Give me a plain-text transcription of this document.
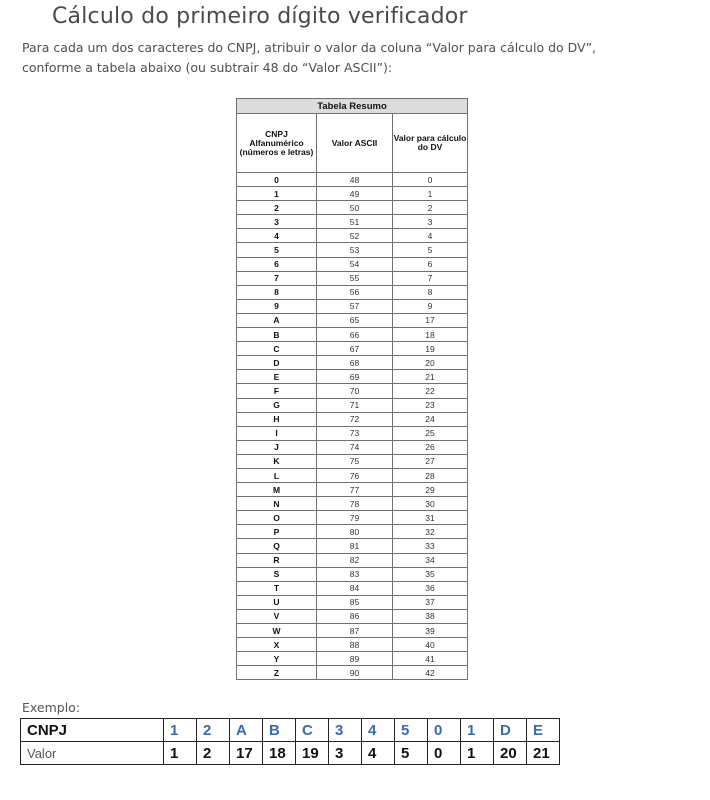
Cálculo do primeiro dígito verificador
Para cada um dos caracteres do CNPJ, atribuir o valor da coluna “Valor para cálculo do DV”,
conforme a tabela abaixo (ou subtrair 48 do “Valor ASCII”):
Tabela Resumo		
CNPJ Alfanumérico (números e letras)	Valor ASCII	Valor para cálculo do DV
0	48	0
1	49	1
2	50	2
3	51	3
4	52	4
5	53	5
6	54	6
7	55	7
8	56	8
9	57	9
A	65	17
B	66	18
C	67	19
D	68	20
E	69	21
F	70	22
G	71	23
H	72	24
I	73	25
J	74	26
K	75	27
L	76	28
M	77	29
N	78	30
O	79	31
P	80	32
Q	81	33
R	82	34
S	83	35
T	84	36
U	85	37
V	86	38
W	87	39
X	88	40
Y	89	41
Z	90	42
Exemplo:
CNPJ	1	2	A	B	C	3	4	5	0	1	D	E
Valor	1	2	17	18	19	3	4	5	0	1	20	21
